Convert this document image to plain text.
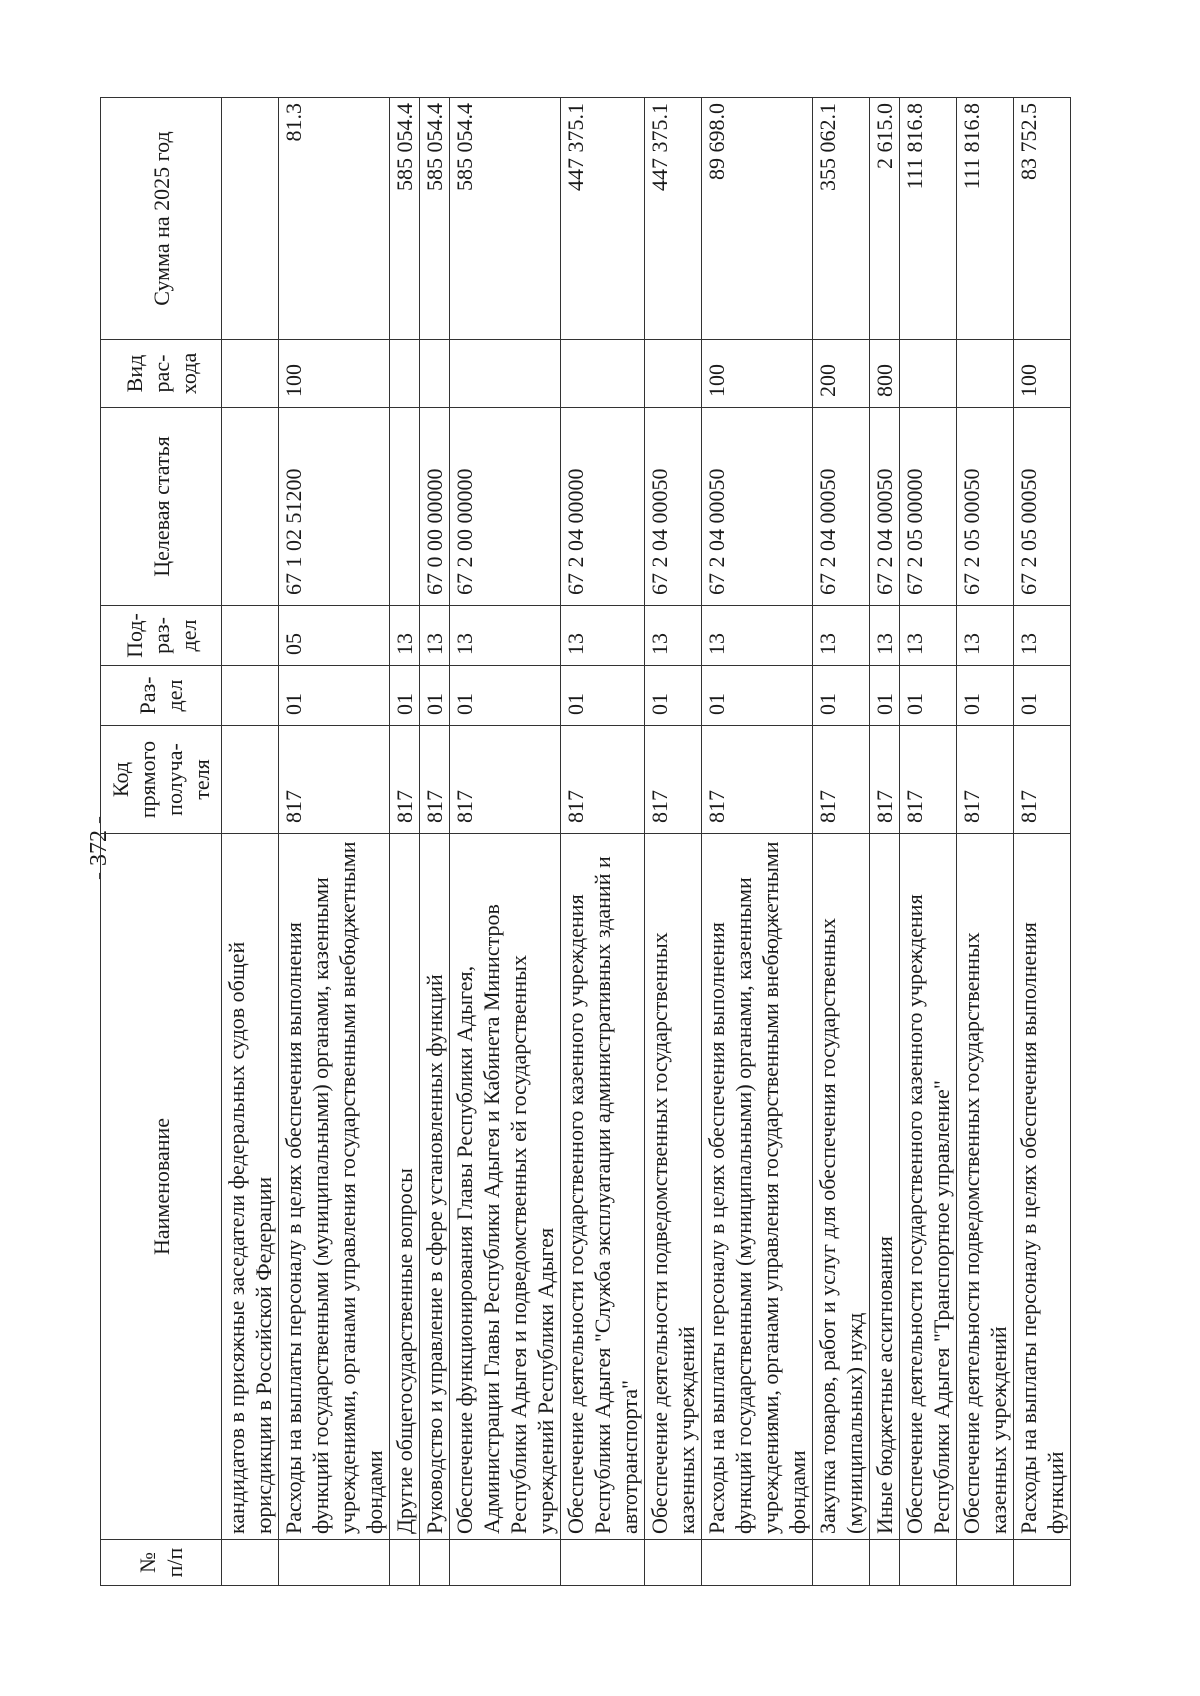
- 372 -
№ п/п	Наименование	Код прямого получа-теля	Раз-дел	Под-раз-дел	Целевая статья	Вид рас-хода	Сумма на 2025 год
	кандидатов в присяжные заседатели федеральных судов общей юрисдикции в Российской Федерации						
	Расходы на выплаты персоналу в целях обеспечения выполнения функций государственными (муниципальными) органами, казенными учреждениями, органами управления государственными внебюджетными фондами	817	01	05	67 1 02 51200	100	81.3
	Другие общегосударственные вопросы	817	01	13			585 054.4
	Руководство и управление в сфере установленных функций	817	01	13	67 0 00 00000		585 054.4
	Обеспечение функционирования Главы Республики Адыгея, Администрации Главы Республики Адыгея и Кабинета Министров Республики Адыгея и подведомственных ей государственных учреждений Республики Адыгея	817	01	13	67 2 00 00000		585 054.4
	Обеспечение деятельности государственного казенного учреждения Республики Адыгея "Служба эксплуатации административных зданий и автотранспорта"	817	01	13	67 2 04 00000		447 375.1
	Обеспечение деятельности подведомственных государственных казенных учреждений	817	01	13	67 2 04 00050		447 375.1
	Расходы на выплаты персоналу в целях обеспечения выполнения функций государственными (муниципальными) органами, казенными учреждениями, органами управления государственными внебюджетными фондами	817	01	13	67 2 04 00050	100	89 698.0
	Закупка товаров, работ и услуг для обеспечения государственных (муниципальных) нужд	817	01	13	67 2 04 00050	200	355 062.1
	Иные бюджетные ассигнования	817	01	13	67 2 04 00050	800	2 615.0
	Обеспечение деятельности государственного казенного учреждения Республики Адыгея "Транспортное управление"	817	01	13	67 2 05 00000		111 816.8
	Обеспечение деятельности подведомственных государственных казенных учреждений	817	01	13	67 2 05 00050		111 816.8
	Расходы на выплаты персоналу в целях обеспечения выполнения функций	817	01	13	67 2 05 00050	100	83 752.5
